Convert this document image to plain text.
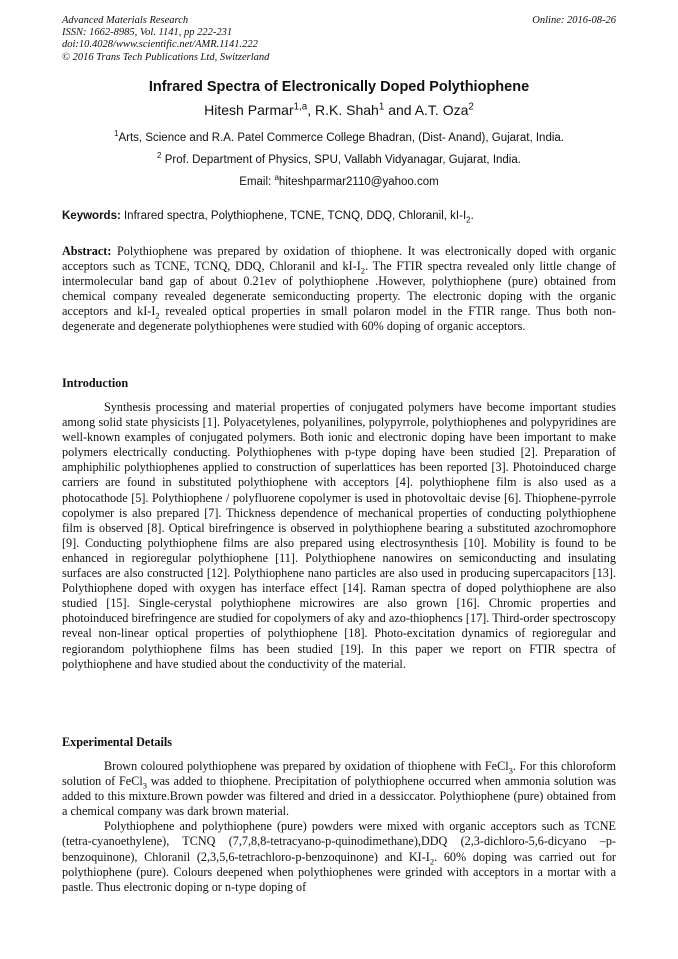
Advanced Materials Research
ISSN: 1662-8985, Vol. 1141, pp 222-231
doi:10.4028/www.scientific.net/AMR.1141.222
© 2016 Trans Tech Publications Ltd, Switzerland
Online: 2016-08-26
Infrared Spectra of Electronically Doped Polythiophene
Hitesh Parmar$^{1,a}$, R.K. Shah$^1$ and A.T. Oza$^2$
$^1$Arts, Science and R.A. Patel Commerce College Bhadran, (Dist- Anand), Gujarat, India.
$^2$ Prof. Department of Physics, SPU, Vallabh Vidyanagar, Gujarat, India.
Email: $^a$hiteshparmar2110@yahoo.com
Keywords: Infrared spectra, Polythiophene, TCNE, TCNQ, DDQ, Chloranil, $kI-I_2$.
Abstract: Polythiophene was prepared by oxidation of thiophene. It was electronically doped with organic acceptors such as TCNE, TCNQ, DDQ, Chloranil and $kI-I_2$. The FTIR spectra revealed only little change of intermolecular band gap of about 0.21ev of polythiophene .However, polythiophene (pure) obtained from chemical company revealed degenerate semiconducting property. The electronic doping with the organic acceptors and $kI-I_2$ revealed optical properties in small polaron model in the FTIR range. Thus both non-degenerate and degenerate polythiophenes were studied with 60% doping of organic acceptors.
Introduction

Synthesis processing and material properties of conjugated polymers have become important studies among solid state physicists [1]. Polyacetylenes, polyanilines, polypyrrole, polythiophenes and polypyridines are well-known examples of conjugated polymers. Both ionic and electronic doping have been important to make polymers electrically conducting. Polythiophenes with p-type doping have been studied [2]. Preparation of amphiphilic polythiophenes applied to construction of superlattices has been reported [3]. Photoinduced charge carriers are found in substituted polythiophene with acceptors [4]. polythiophene film is also used as a photocathode [5]. Polythiophene / polyfluorene copolymer is used in photovoltaic devise [6]. Thiophene-pyrrole copolymer is also prepared [7]. Thickness dependence of mechanical properties of conducting polythiophene film is observed [8]. Optical birefringence is observed in polythiophene bearing a substituted azochromophore [9]. Conducting polythiophene films are also prepared using electrosynthesis [10]. Mobility is found to be enhanced in regioregular polythiophene [11]. Polythiophene nanowires on semiconducting and insulating surfaces are also constructed [12]. Polythiophene nano particles are also used in producing supercapacitors [13]. Polythiophene doped with oxygen has interface effect [14]. Raman spectra of doped polythiophene are also studied [15]. Single-cerystal polythiophene microwires are also grown [16]. Chromic properties and photoinduced birefringence are studied for copolymers of aky and azo-thiophencs [17]. Third-order spectroscopy reveal non-linear optical properties of polythiophene [18]. Photo-excitation dynamics of regioregular and regiorandom polythiophene films has been studied [19]. In this paper we report on FTIR spectra of polythiophene and have studied about the conductivity of the material.

Experimental Details

Brown coloured polythiophene was prepared by oxidation of thiophene with FeCl$_3$. For this chloroform solution of FeCl$_3$ was added to thiophene. Precipitation of polythiophene occurred when ammonia solution was added to this mixture.Brown powder was filtered and dried in a dessiccator. Polythiophene (pure) obtained from a chemical company was dark brown material.

Polythiophene and polythiophene (pure) powders were mixed with organic acceptors such as TCNE (tetra-cyanoethylene), TCNQ (7,7,8,8-tetracyano-p-quinodimethane),DDQ (2,3-dichloro-5,6-dicyano –p- benzoquinone), Chloranil (2,3,5,6-tetrachloro-p-benzoquinone) and $KI-I_2$. 60% doping was carried out for polythiophene (pure). Colours deepened when polythiophenes were grinded with acceptors in a mortar with a pastle. Thus electronic doping or n-type doping of
